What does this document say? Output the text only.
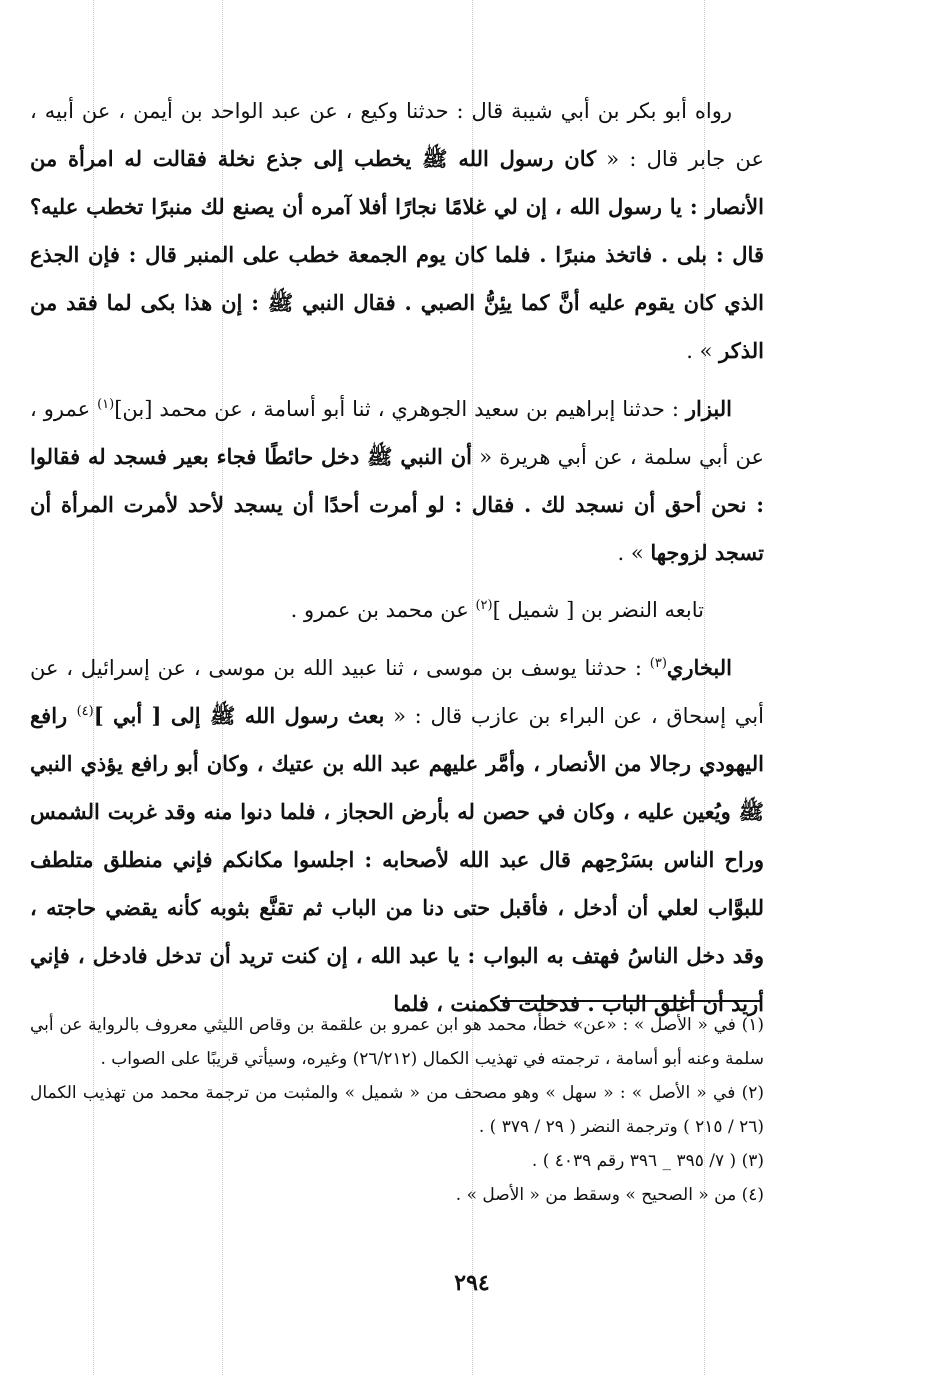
رواه أبو بكر بن أبي شيبة قال : حدثنا وكيع ، عن عبد الواحد بن أيمن ، عن أبيه ، عن جابر قال : « كان رسول الله ﷺ يخطب إلى جذع نخلة فقالت له امرأة من الأنصار : يا رسول الله ، إن لي غلامًا نجارًا أفلا آمره أن يصنع لك منبرًا تخطب عليه؟ قال : بلى . فاتخذ منبرًا . فلما كان يوم الجمعة خطب على المنبر قال : فإن الجذع الذي كان يقوم عليه أنَّ كما يئِنُّ الصبي . فقال النبي ﷺ : إن هذا بكى لما فقد من الذكر » .

البزار : حدثنا إبراهيم بن سعيد الجوهري ، ثنا أبو أسامة ، عن محمد [بن]$^{(١)}$ عمرو ، عن أبي سلمة ، عن أبي هريرة « أن النبي ﷺ دخل حائطًا فجاء بعير فسجد له فقالوا : نحن أحق أن نسجد لك . فقال : لو أمرت أحدًا أن يسجد لأحد لأمرت المرأة أن تسجد لزوجها » .

تابعه النضر بن [ شميل ]$^{(٢)}$ عن محمد بن عمرو .

البخاري$^{(٣)}$ : حدثنا يوسف بن موسى ، ثنا عبيد الله بن موسى ، عن إسرائيل ، عن أبي إسحاق ، عن البراء بن عازب قال : « بعث رسول الله ﷺ إلى [ أبي ]$^{(٤)}$ رافع اليهودي رجالا من الأنصار ، وأمَّر عليهم عبد الله بن عتيك ، وكان أبو رافع يؤذي النبي ﷺ ويُعين عليه ، وكان في حصن له بأرض الحجاز ، فلما دنوا منه وقد غربت الشمس وراح الناس بسَرْحِهم قال عبد الله لأصحابه : اجلسوا مكانكم فإني منطلق متلطف للبوَّاب لعلي أن أدخل ، فأقبل حتى دنا من الباب ثم تقنَّع بثوبه كأنه يقضي حاجته ، وقد دخل الناسُ فهتف به البواب : يا عبد الله ، إن كنت تريد أن تدخل فادخل ، فإني أريد أن أغلق الباب . فدخلت فكمنت ، فلما

(١) في « الأصل » : «عن» خطأ، محمد هو ابن عمرو بن علقمة بن وقاص الليثي معروف بالرواية عن أبي سلمة وعنه أبو أسامة ، ترجمته في تهذيب الكمال (٢٦/٢١٢) وغيره، وسيأتي قريبًا على الصواب .

(٢) في « الأصل » : « سهل » وهو مصحف من « شميل » والمثبت من ترجمة محمد من تهذيب الكمال (٢٦ / ٢١٥ ) وترجمة النضر ( ٢٩ / ٣٧٩ ) .

(٣) ( ٧/ ٣٩٥ _ ٣٩٦ رقم ٤٠٣٩ ) .

(٤) من « الصحيح » وسقط من « الأصل » .

٢٩٤
